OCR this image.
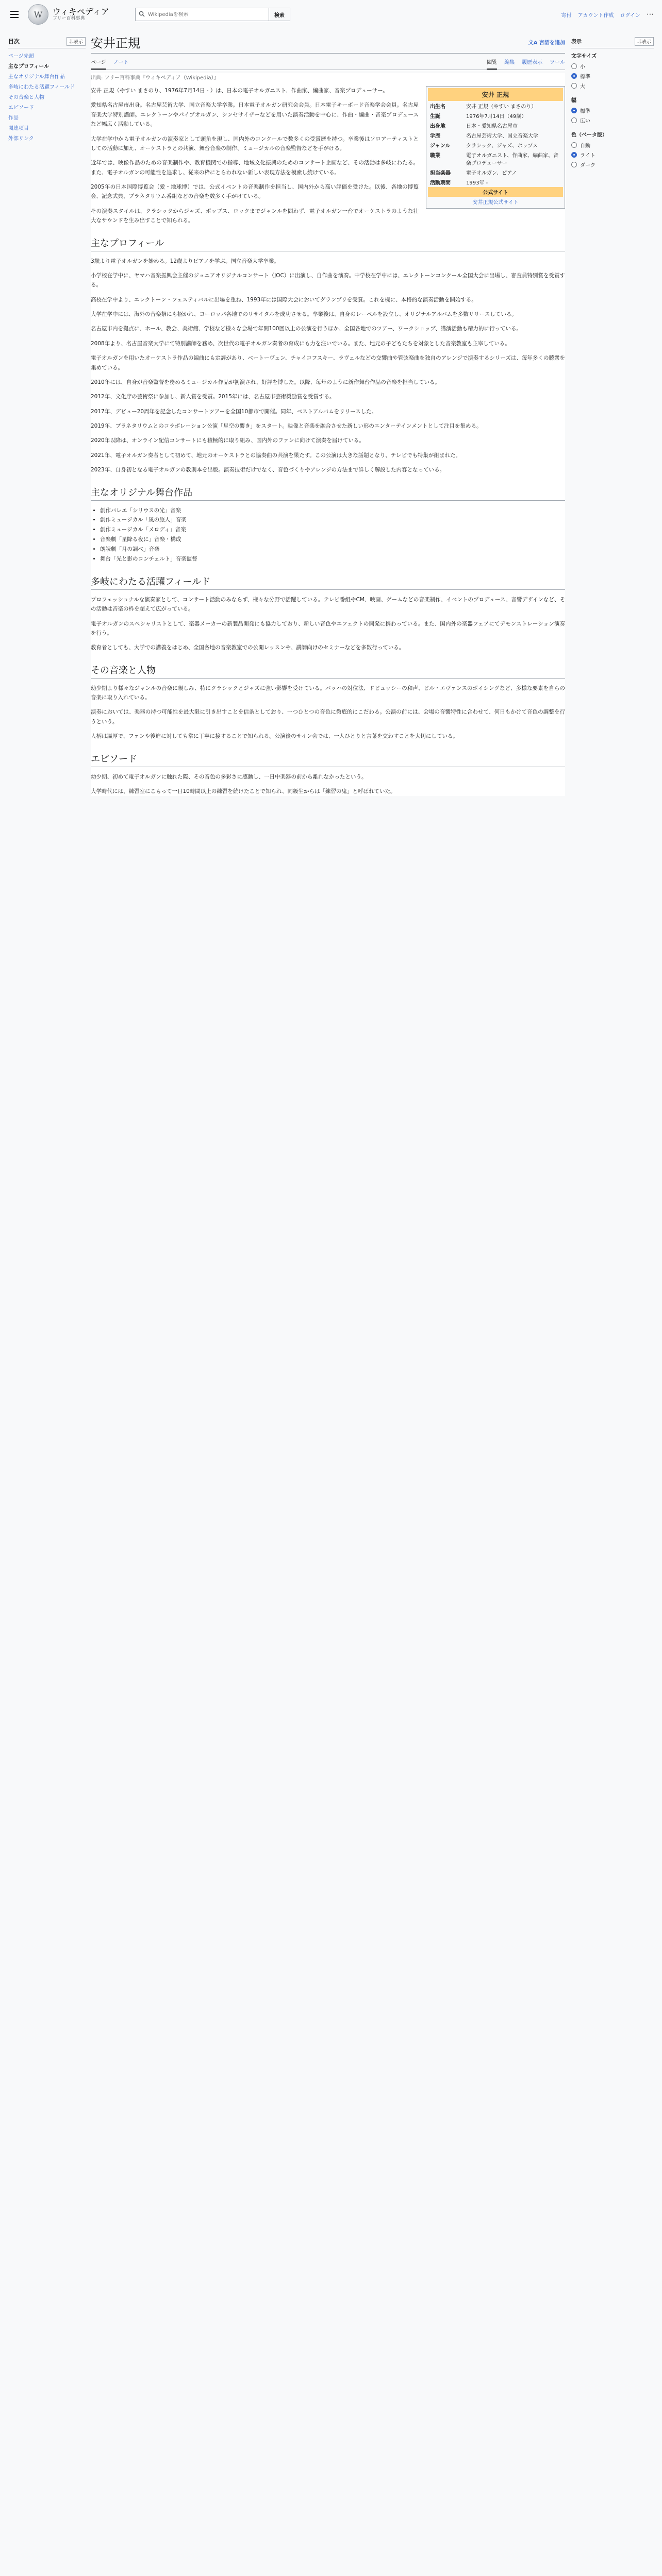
W	ウィキペディア
フリー百科事典
Wikipediaを検索
検索	寄付 アカウント作成 ログイン ⋯
目次	非表示
ページ先頭
主なプロフィール
主なオリジナル舞台作品
多岐にわたる活躍フィールド
その音楽と人物
エピソード
作品
関連項目
外部リンク
安井正規	文A 言語を追加
ページ ノート	閲覧 編集 履歴表示 ツール
出典: フリー百科事典『ウィキペディア（Wikipedia）』
安井 正規
出生名	安井 正規（やすい まさのり）
生誕	1976年7月14日（49歳）
出身地	日本・愛知県名古屋市
学歴	名古屋芸術大学、国立音楽大学
ジャンル	クラシック、ジャズ、ポップス
職業	電子オルガニスト、作曲家、編曲家、音楽プロデューサー
担当楽器	電子オルガン、ピアノ
活動期間	1993年 -
公式サイト
安井正規公式サイト

安井 正規（やすい まさのり、1976年7月14日 - ）は、日本の電子オルガニスト、作曲家、編曲家、音楽プロデューサー。

愛知県名古屋市出身。名古屋芸術大学、国立音楽大学卒業。日本電子オルガン研究会会員。日本電子キーボード音楽学会会員。名古屋音楽大学特別講師。エレクトーンやパイプオルガン、シンセサイザーなどを用いた演奏活動を中心に、作曲・編曲・音楽プロデュースなど幅広く活動している。

大学在学中から電子オルガンの演奏家として頭角を現し、国内外のコンクールで数多くの受賞歴を持つ。卒業後はソロアーティストとしての活動に加え、オーケストラとの共演、舞台音楽の制作、ミュージカルの音楽監督などを手がける。

近年では、映像作品のための音楽制作や、教育機関での指導、地域文化振興のためのコンサート企画など、その活動は多岐にわたる。また、電子オルガンの可能性を追求し、従来の枠にとらわれない新しい表現方法を模索し続けている。

2005年の日本国際博覧会（愛・地球博）では、公式イベントの音楽制作を担当し、国内外から高い評価を受けた。以後、各地の博覧会、記念式典、プラネタリウム番組などの音楽を数多く手がけている。

その演奏スタイルは、クラシックからジャズ、ポップス、ロックまでジャンルを問わず、電子オルガン一台でオーケストラのような壮大なサウンドを生み出すことで知られる。

主なプロフィール

3歳より電子オルガンを始める。12歳よりピアノを学ぶ。国立音楽大学卒業。

小学校在学中に、ヤマハ音楽振興会主催のジュニアオリジナルコンサート（JOC）に出演し、自作曲を演奏。中学校在学中には、エレクトーンコンクール全国大会に出場し、審査員特別賞を受賞する。

高校在学中より、エレクトーン・フェスティバルに出場を重ね、1993年には国際大会においてグランプリを受賞。これを機に、本格的な演奏活動を開始する。

大学在学中には、海外の音楽祭にも招かれ、ヨーロッパ各地でのリサイタルを成功させる。卒業後は、自身のレーベルを設立し、オリジナルアルバムを多数リリースしている。

名古屋市内を拠点に、ホール、教会、美術館、学校など様々な会場で年間100回以上の公演を行うほか、全国各地でのツアー、ワークショップ、講演活動も精力的に行っている。

2008年より、名古屋音楽大学にて特別講師を務め、次世代の電子オルガン奏者の育成にも力を注いでいる。また、地元の子どもたちを対象とした音楽教室も主宰している。

電子オルガンを用いたオーケストラ作品の編曲にも定評があり、ベートーヴェン、チャイコフスキー、ラヴェルなどの交響曲や管弦楽曲を独自のアレンジで演奏するシリーズは、毎年多くの聴衆を集めている。

2010年には、自身が音楽監督を務めるミュージカル作品が初演され、好評を博した。以降、毎年のように新作舞台作品の音楽を担当している。

2012年、文化庁の芸術祭に参加し、新人賞を受賞。2015年には、名古屋市芸術奨励賞を受賞する。

2017年、デビュー20周年を記念したコンサートツアーを全国10都市で開催。同年、ベストアルバムをリリースした。

2019年、プラネタリウムとのコラボレーション公演「星空の響き」をスタート。映像と音楽を融合させた新しい形のエンターテインメントとして注目を集める。

2020年以降は、オンライン配信コンサートにも積極的に取り組み、国内外のファンに向けて演奏を届けている。

2021年、電子オルガン奏者として初めて、地元のオーケストラとの協奏曲の共演を果たす。この公演は大きな話題となり、テレビでも特集が組まれた。

2023年、自身初となる電子オルガンの教則本を出版。演奏技術だけでなく、音色づくりやアレンジの方法まで詳しく解説した内容となっている。

主なオリジナル舞台作品
• 創作バレエ「シリウスの光」音楽
• 創作ミュージカル「風の旅人」音楽
• 創作ミュージカル「メロディ」音楽
• 音楽劇「星降る夜に」音楽・構成
• 朗読劇「月の調べ」音楽
• 舞台「光と影のコンチェルト」音楽監督
多岐にわたる活躍フィールド

プロフェッショナルな演奏家として、コンサート活動のみならず、様々な分野で活躍している。テレビ番組やCM、映画、ゲームなどの音楽制作、イベントのプロデュース、音響デザインなど、その活動は音楽の枠を超えて広がっている。

電子オルガンのスペシャリストとして、楽器メーカーの新製品開発にも協力しており、新しい音色やエフェクトの開発に携わっている。また、国内外の楽器フェアにてデモンストレーション演奏を行う。

教育者としても、大学での講義をはじめ、全国各地の音楽教室での公開レッスンや、講師向けのセミナーなどを多数行っている。

その音楽と人物

幼少期より様々なジャンルの音楽に親しみ、特にクラシックとジャズに強い影響を受けている。バッハの対位法、ドビュッシーの和声、ビル・エヴァンスのボイシングなど、多様な要素を自らの音楽に取り入れている。

演奏においては、楽器の持つ可能性を最大限に引き出すことを信条としており、一つひとつの音色に徹底的にこだわる。公演の前には、会場の音響特性に合わせて、何日もかけて音色の調整を行うという。

人柄は温厚で、ファンや後進に対しても常に丁寧に接することで知られる。公演後のサイン会では、一人ひとりと言葉を交わすことを大切にしている。

エピソード

幼少期、初めて電子オルガンに触れた際、その音色の多彩さに感動し、一日中楽器の前から離れなかったという。

大学時代には、練習室にこもって一日10時間以上の練習を続けたことで知られ、同級生からは「練習の鬼」と呼ばれていた。

表示	非表示
文字サイズ
小
標準
大
幅
標準
広い
色（ベータ版）
自動
ライト
ダーク
